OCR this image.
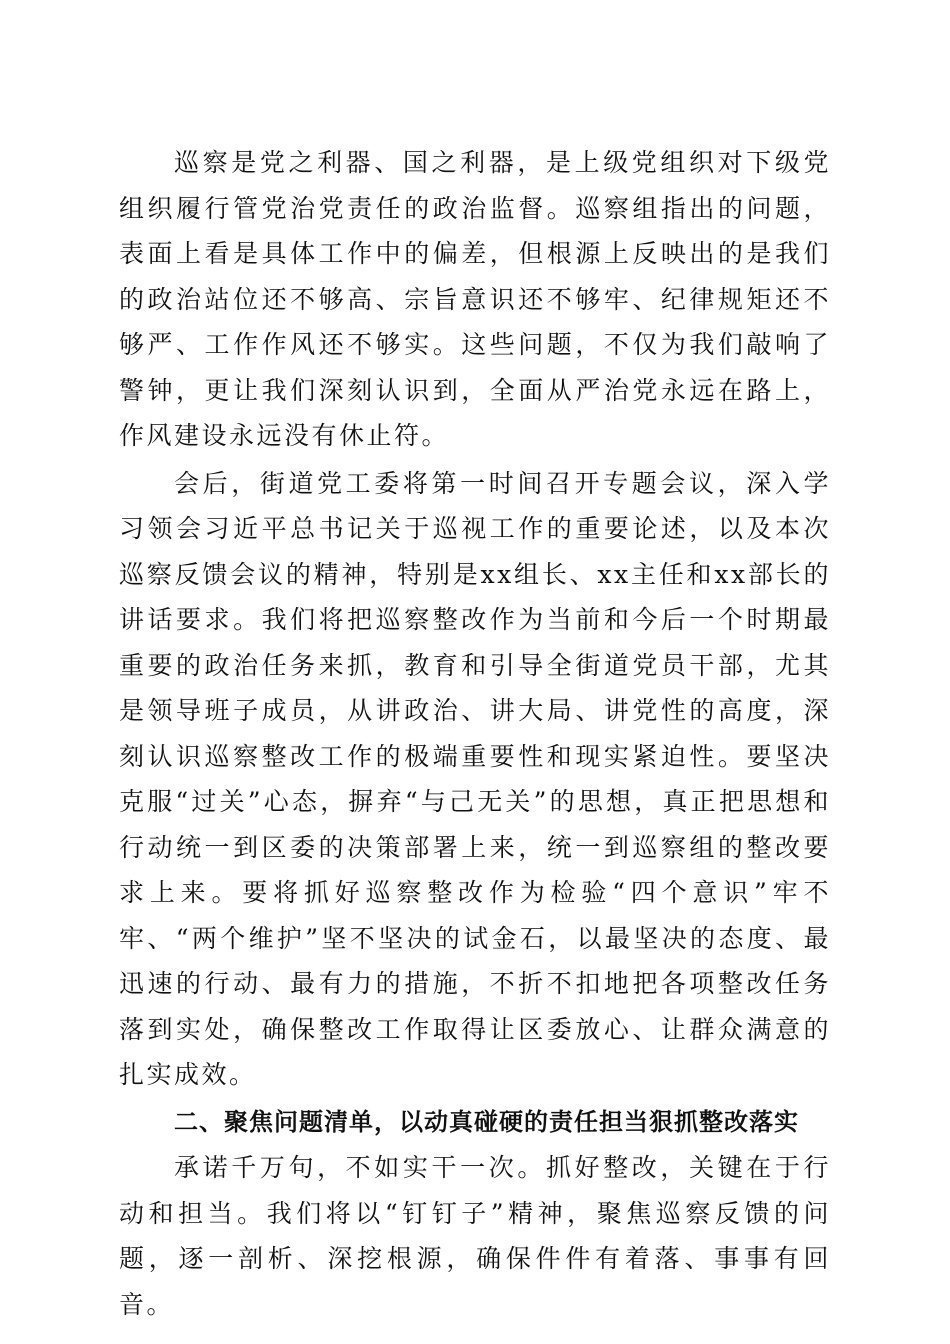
巡察是党之利器、国之利器，是上级党组织对下级党组织履行管党治党责任的政治监督。巡察组指出的问题，表面上看是具体工作中的偏差，但根源上反映出的是我们的政治站位还不够高、宗旨意识还不够牢、纪律规矩还不够严、工作作风还不够实。这些问题，不仅为我们敲响了警钟，更让我们深刻认识到，全面从严治党永远在路上，作风建设永远没有休止符。

会后，街道党工委将第一时间召开专题会议，深入学习领会习近平总书记关于巡视工作的重要论述，以及本次巡察反馈会议的精神，特别是xx组长、xx主任和xx部长的讲话要求。我们将把巡察整改作为当前和今后一个时期最重要的政治任务来抓，教育和引导全街道党员干部，尤其是领导班子成员，从讲政治、讲大局、讲党性的高度，深刻认识巡察整改工作的极端重要性和现实紧迫性。要坚决克服“过关”心态，摒弃“与己无关”的思想，真正把思想和行动统一到区委的决策部署上来，统一到巡察组的整改要求上来。要将抓好巡察整改作为检验“四个意识”牢不牢、“两个维护”坚不坚决的试金石，以最坚决的态度、最迅速的行动、最有力的措施，不折不扣地把各项整改任务落到实处，确保整改工作取得让区委放心、让群众满意的扎实成效。

二、聚焦问题清单，以动真碰硬的责任担当狠抓整改落实

承诺千万句，不如实干一次。抓好整改，关键在于行动和担当。我们将以“钉钉子”精神，聚焦巡察反馈的问题，逐一剖析、深挖根源，确保件件有着落、事事有回音。
